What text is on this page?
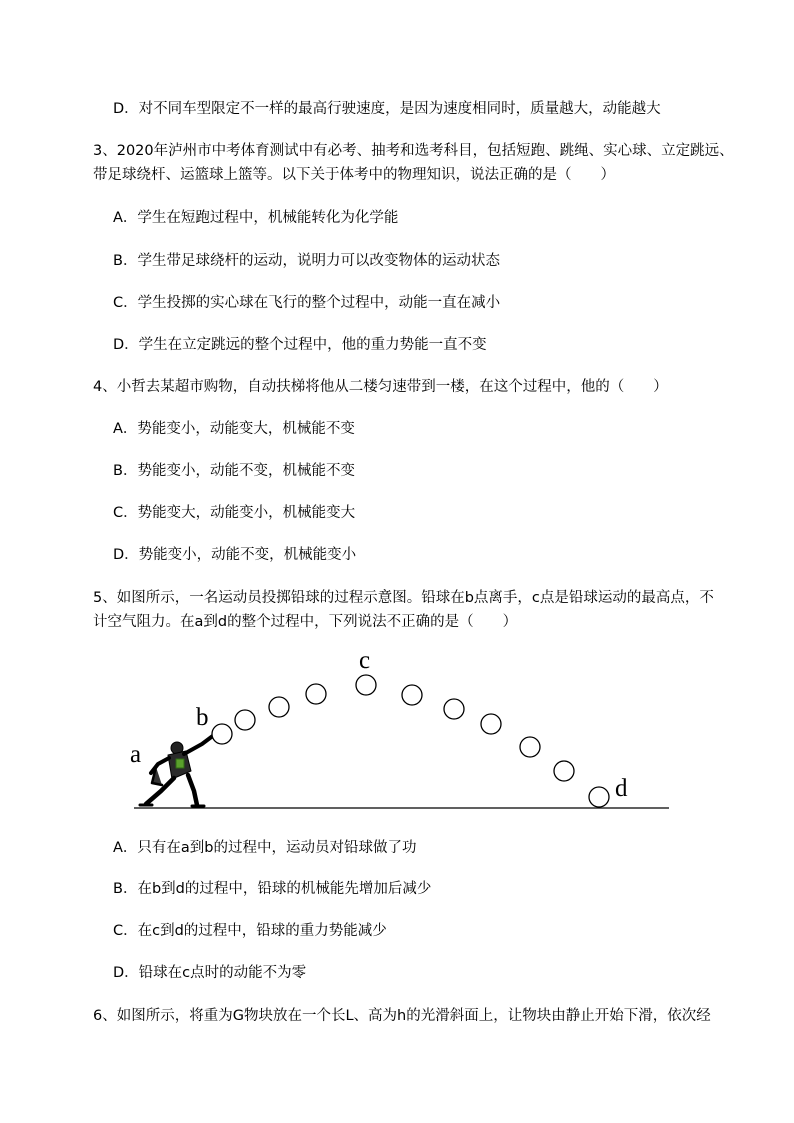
D．对不同车型限定不一样的最高行驶速度，是因为速度相同时，质量越大，动能越大
3、2020年泸州市中考体育测试中有必考、抽考和选考科目，包括短跑、跳绳、实心球、立定跳远、
带足球绕杆、运篮球上篮等。以下关于体考中的物理知识，说法正确的是（　　）
A．学生在短跑过程中，机械能转化为化学能
B．学生带足球绕杆的运动，说明力可以改变物体的运动状态
C．学生投掷的实心球在飞行的整个过程中，动能一直在减小
D．学生在立定跳远的整个过程中，他的重力势能一直不变
4、小哲去某超市购物，自动扶梯将他从二楼匀速带到一楼，在这个过程中，他的（　　）
A．势能变小，动能变大，机械能不变
B．势能变小，动能不变，机械能不变
C．势能变大，动能变小，机械能变大
D．势能变小，动能不变，机械能变小
5、如图所示，一名运动员投掷铅球的过程示意图。铅球在b点离手，c点是铅球运动的最高点，不
计空气阻力。在a到d的整个过程中，下列说法不正确的是（　　）
a
b
c
d
A．只有在a到b的过程中，运动员对铅球做了功
B．在b到d的过程中，铅球的机械能先增加后减少
C．在c到d的过程中，铅球的重力势能减少
D．铅球在c点时的动能不为零
6、如图所示，将重为G物块放在一个长L、高为h的光滑斜面上，让物块由静止开始下滑，依次经
